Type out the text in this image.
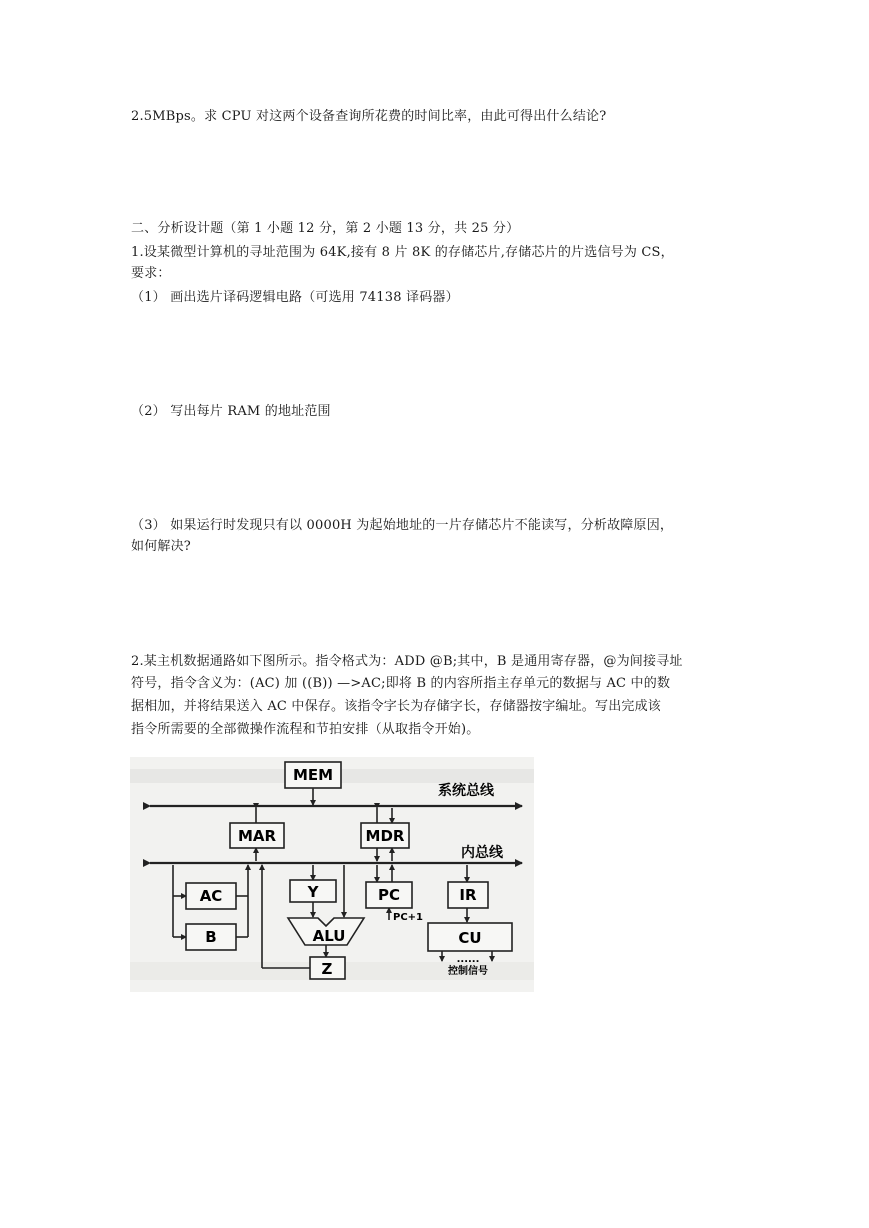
2.5MBps。求 CPU 对这两个设备查询所花费的时间比率，由此可得出什么结论?
二、分析设计题（第 1 小题 12 分，第 2 小题 13 分，共 25 分）
1.设某微型计算机的寻址范围为 64K,接有 8 片 8K 的存储芯片,存储芯片的片选信号为 CS，
要求：
（1） 画出选片译码逻辑电路（可选用 74138 译码器）
（2） 写出每片 RAM 的地址范围
（3） 如果运行时发现只有以 0000H 为起始地址的一片存储芯片不能读写，分析故障原因，
如何解决?
2.某主机数据通路如下图所示。指令格式为：ADD @B;其中，B 是通用寄存器，@为间接寻址
符号，指令含义为：(AC) 加 ((B)) —>AC;即将 B 的内容所指主存单元的数据与 AC 中的数
据相加，并将结果送入 AC 中保存。该指令字长为存储字长，存储器按字编址。写出完成该
指令所需要的全部微操作流程和节拍安排（从取指令开始)。
MEM
系统总线
MAR	MDR
内总线
AC
B
Y
ALU
Z
PC
PC+1
IR
CU
......
控制信号
